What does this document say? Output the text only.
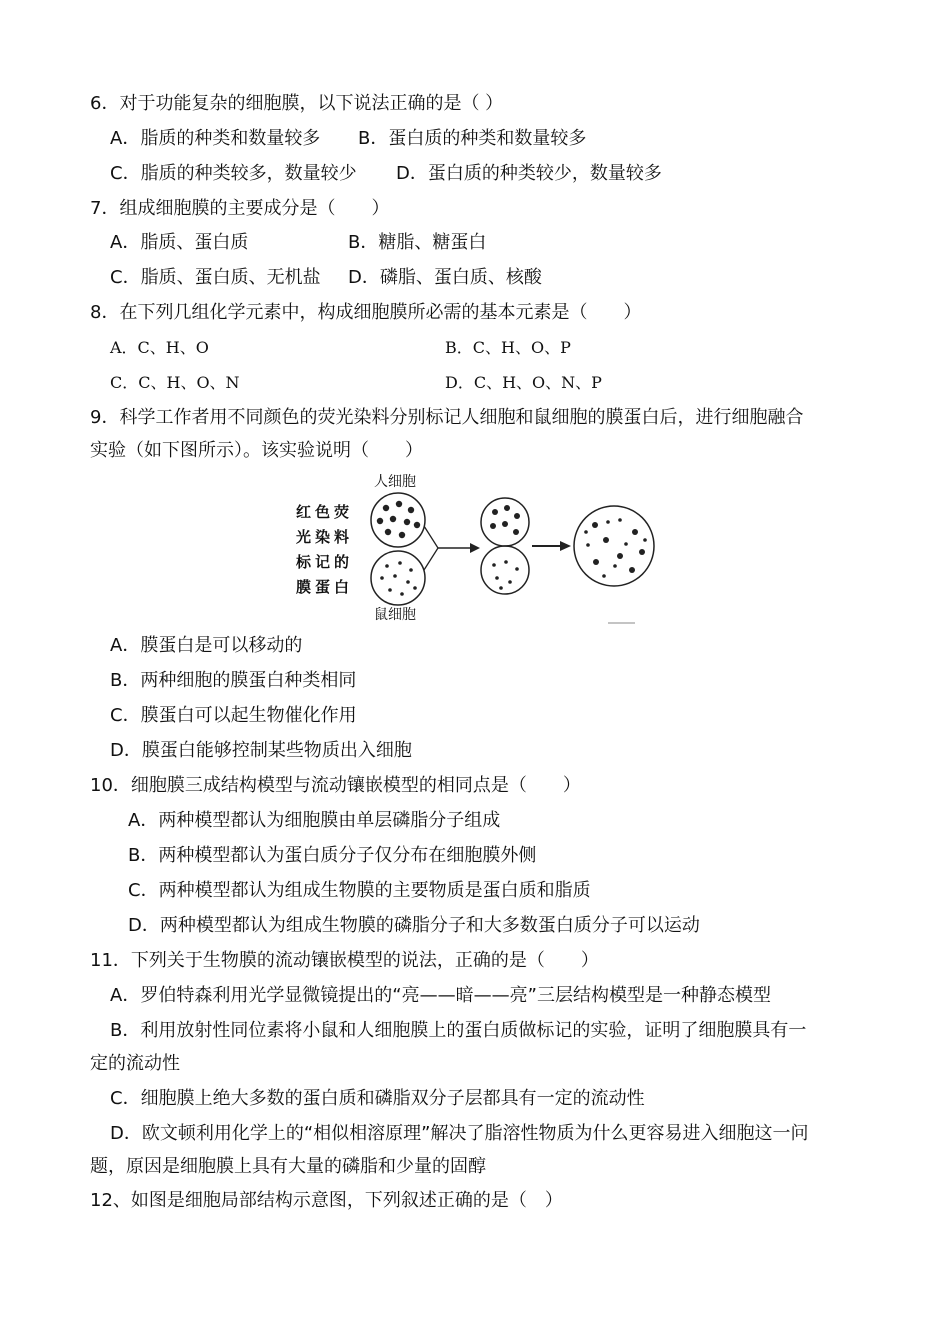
6．对于功能复杂的细胞膜，以下说法正确的是（ ）
A．脂质的种类和数量较多 B．蛋白质的种类和数量较多
C．脂质的种类较多，数量较少 D．蛋白质的种类较少，数量较多
7．组成细胞膜的主要成分是（　　）
A．脂质、蛋白质	B．糖脂、糖蛋白
C．脂质、蛋白质、无机盐 D．磷脂、蛋白质、核酸
8．在下列几组化学元素中，构成细胞膜所必需的基本元素是（　　）
A．C、H、O	B．C、H、O、P
C．C、H、O、N	D．C、H、O、N、P
9．科学工作者用不同颜色的荧光染料分别标记人细胞和鼠细胞的膜蛋白后，进行细胞融合
实验（如下图所示）。该实验说明（　　）
红色荧
光染料
标记的
膜蛋白
人细胞
鼠细胞
A．膜蛋白是可以移动的
B．两种细胞的膜蛋白种类相同
C．膜蛋白可以起生物催化作用
D．膜蛋白能够控制某些物质出入细胞
10．细胞膜三成结构模型与流动镶嵌模型的相同点是（　　）
A．两种模型都认为细胞膜由单层磷脂分子组成
B．两种模型都认为蛋白质分子仅分布在细胞膜外侧
C．两种模型都认为组成生物膜的主要物质是蛋白质和脂质
D．两种模型都认为组成生物膜的磷脂分子和大多数蛋白质分子可以运动
11．下列关于生物膜的流动镶嵌模型的说法，正确的是（　　）
A．罗伯特森利用光学显微镜提出的“亮——暗——亮”三层结构模型是一种静态模型
B．利用放射性同位素将小鼠和人细胞膜上的蛋白质做标记的实验，证明了细胞膜具有一
定的流动性
C．细胞膜上绝大多数的蛋白质和磷脂双分子层都具有一定的流动性
D．欧文顿利用化学上的“相似相溶原理”解决了脂溶性物质为什么更容易进入细胞这一问
题，原因是细胞膜上具有大量的磷脂和少量的固醇
12、如图是细胞局部结构示意图，下列叙述正确的是（　）
